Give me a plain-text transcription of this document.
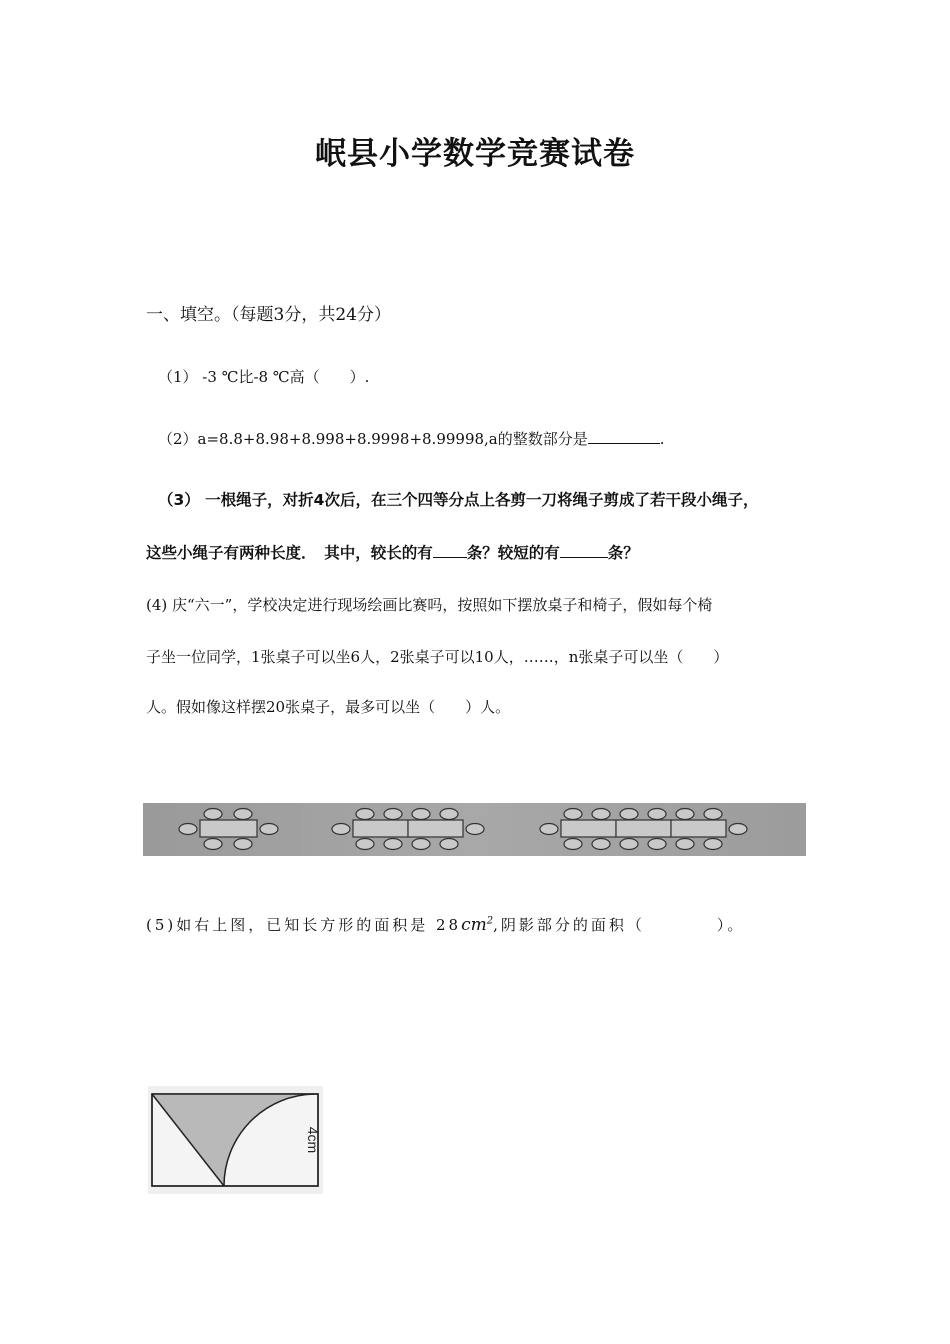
岷县小学数学竞赛试卷
一、填空。（每题3分，共24分）
（1） -3 ℃比-8 ℃高（　　）.
（2）a=8.8+8.98+8.998+8.9998+8.99998,a的整数部分是	.
（3） 一根绳子，对折4次后，在三个四等分点上各剪一刀将绳子剪成了若干段小绳子，
这些小绳子有两种长度．　其中，较长的有 条？较短的有	条？
(4) 庆“六一”，学校决定进行现场绘画比赛吗，按照如下摆放桌子和椅子，假如每个椅
子坐一位同学，1张桌子可以坐6人，2张桌子可以10人，……，n张桌子可以坐（　　）
人。假如像这样摆20张桌子，最多可以坐（　　）人。
(5)如右上图，已知长方形的面积是 $28cm^2$,阴影部分的面积（　　　　）。
4cm
